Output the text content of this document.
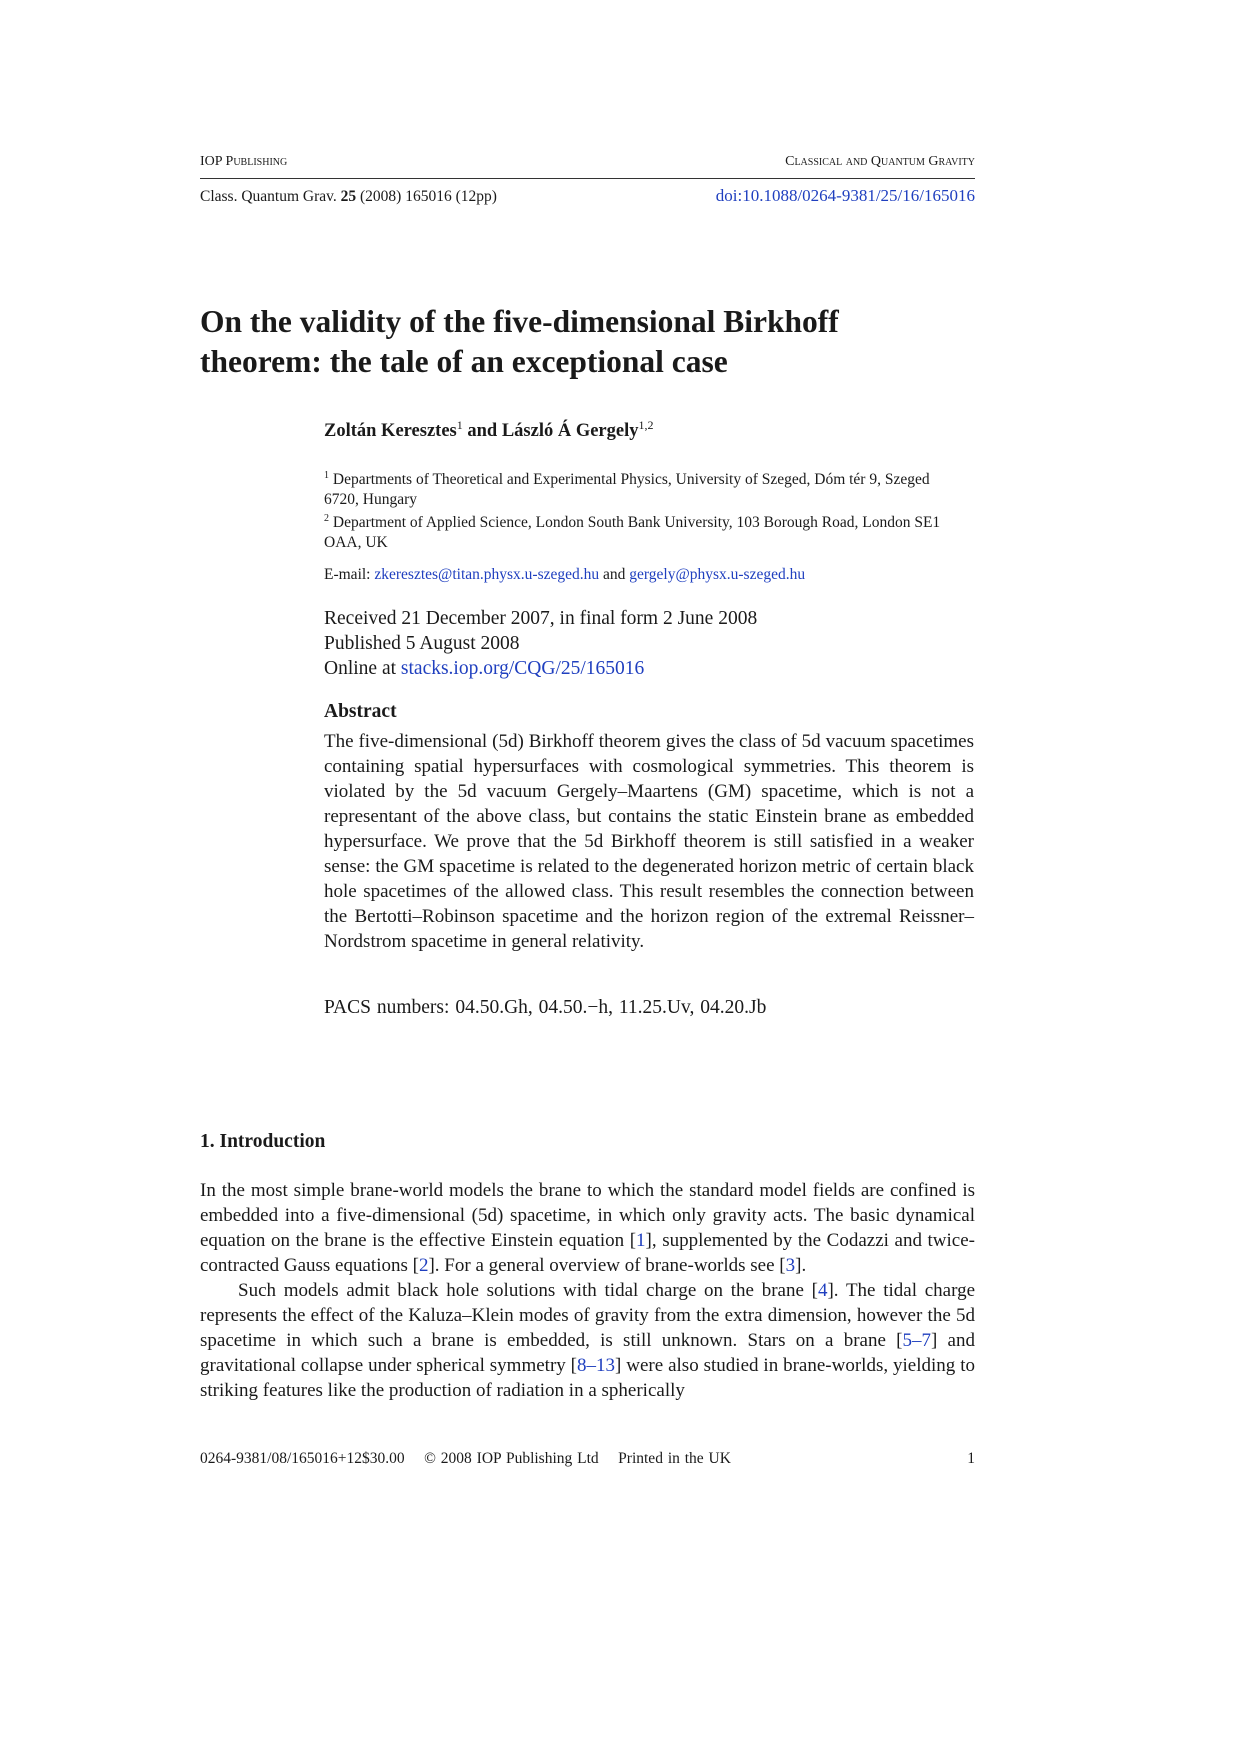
IOP Publishing	Classical and Quantum Gravity
Class. Quantum Grav. 25 (2008) 165016 (12pp)	doi:10.1088/0264-9381/25/16/165016
On the validity of the five-dimensional Birkhoff theorem: the tale of an exceptional case
Zoltán Keresztes$^1$ and László Á Gergely$^{1,2}$
$^1$ Departments of Theoretical and Experimental Physics, University of Szeged, Dóm tér 9, Szeged 6720, Hungary
$^2$ Department of Applied Science, London South Bank University, 103 Borough Road, London SE1 OAA, UK
E-mail: zkeresztes@titan.physx.u-szeged.hu and gergely@physx.u-szeged.hu
Received 21 December 2007, in final form 2 June 2008
Published 5 August 2008
Online at stacks.iop.org/CQG/25/165016
Abstract
The five-dimensional (5d) Birkhoff theorem gives the class of 5d vacuum spacetimes containing spatial hypersurfaces with cosmological symmetries. This theorem is violated by the 5d vacuum Gergely–Maartens (GM) spacetime, which is not a representant of the above class, but contains the static Einstein brane as embedded hypersurface. We prove that the 5d Birkhoff theorem is still satisfied in a weaker sense: the GM spacetime is related to the degenerated horizon metric of certain black hole spacetimes of the allowed class. This result resembles the connection between the Bertotti–Robinson spacetime and the horizon region of the extremal Reissner–Nordstrom spacetime in general relativity.
PACS numbers: 04.50.Gh, 04.50.−h, 11.25.Uv, 04.20.Jb
1. Introduction

In the most simple brane-world models the brane to which the standard model fields are confined is embedded into a five-dimensional (5d) spacetime, in which only gravity acts. The basic dynamical equation on the brane is the effective Einstein equation [1], supplemented by the Codazzi and twice-contracted Gauss equations [2]. For a general overview of brane-worlds see [3].

Such models admit black hole solutions with tidal charge on the brane [4]. The tidal charge represents the effect of the Kaluza–Klein modes of gravity from the extra dimension, however the 5d spacetime in which such a brane is embedded, is still unknown. Stars on a brane [5–7] and gravitational collapse under spherical symmetry [8–13] were also studied in brane-worlds, yielding to striking features like the production of radiation in a spherically

0264-9381/08/165016+12$30.00    © 2008 IOP Publishing Ltd    Printed in the UK	1
